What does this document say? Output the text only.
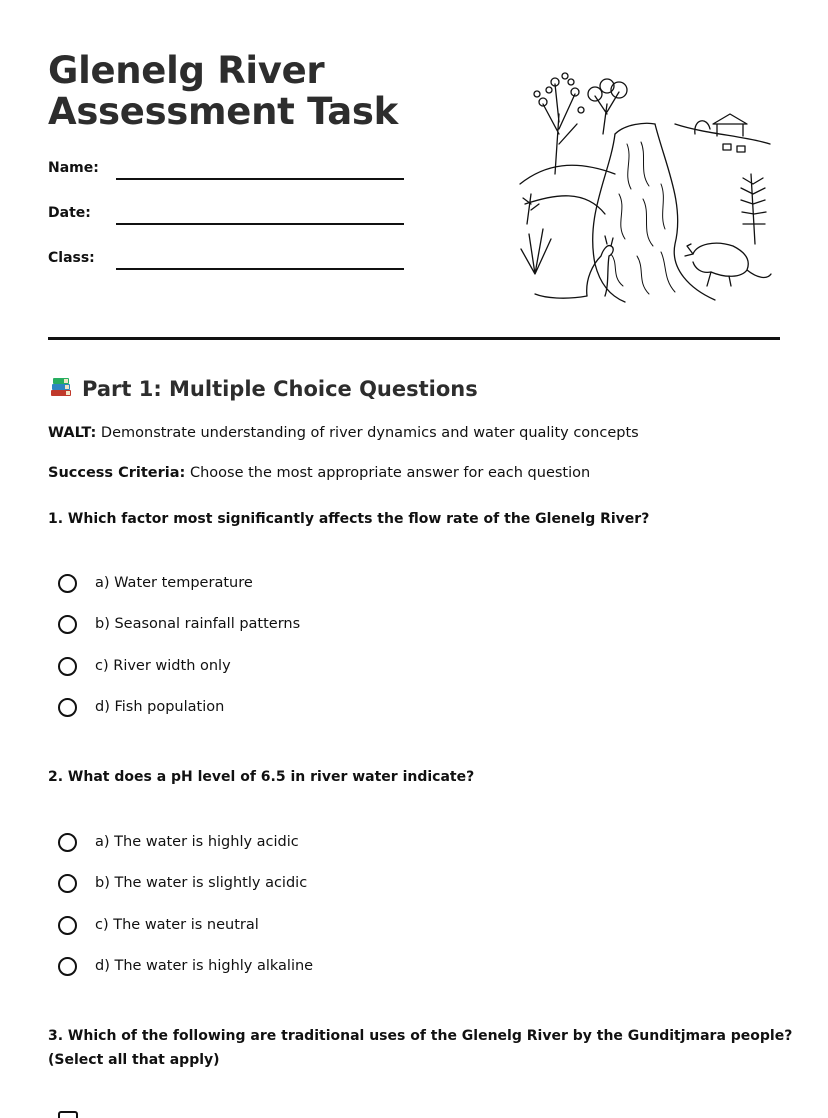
Glenelg River
Assessment Task
Name:
Date:
Class:
Part 1: Multiple Choice Questions
WALT: Demonstrate understanding of river dynamics and water quality concepts
Success Criteria: Choose the most appropriate answer for each question
1. Which factor most significantly affects the flow rate of the Glenelg River?
a) Water temperature
b) Seasonal rainfall patterns
c) River width only
d) Fish population
2. What does a pH level of 6.5 in river water indicate?
a) The water is highly acidic
b) The water is slightly acidic
c) The water is neutral
d) The water is highly alkaline
3. Which of the following are traditional uses of the Glenelg River by the Gunditjmara people?
(Select all that apply)
